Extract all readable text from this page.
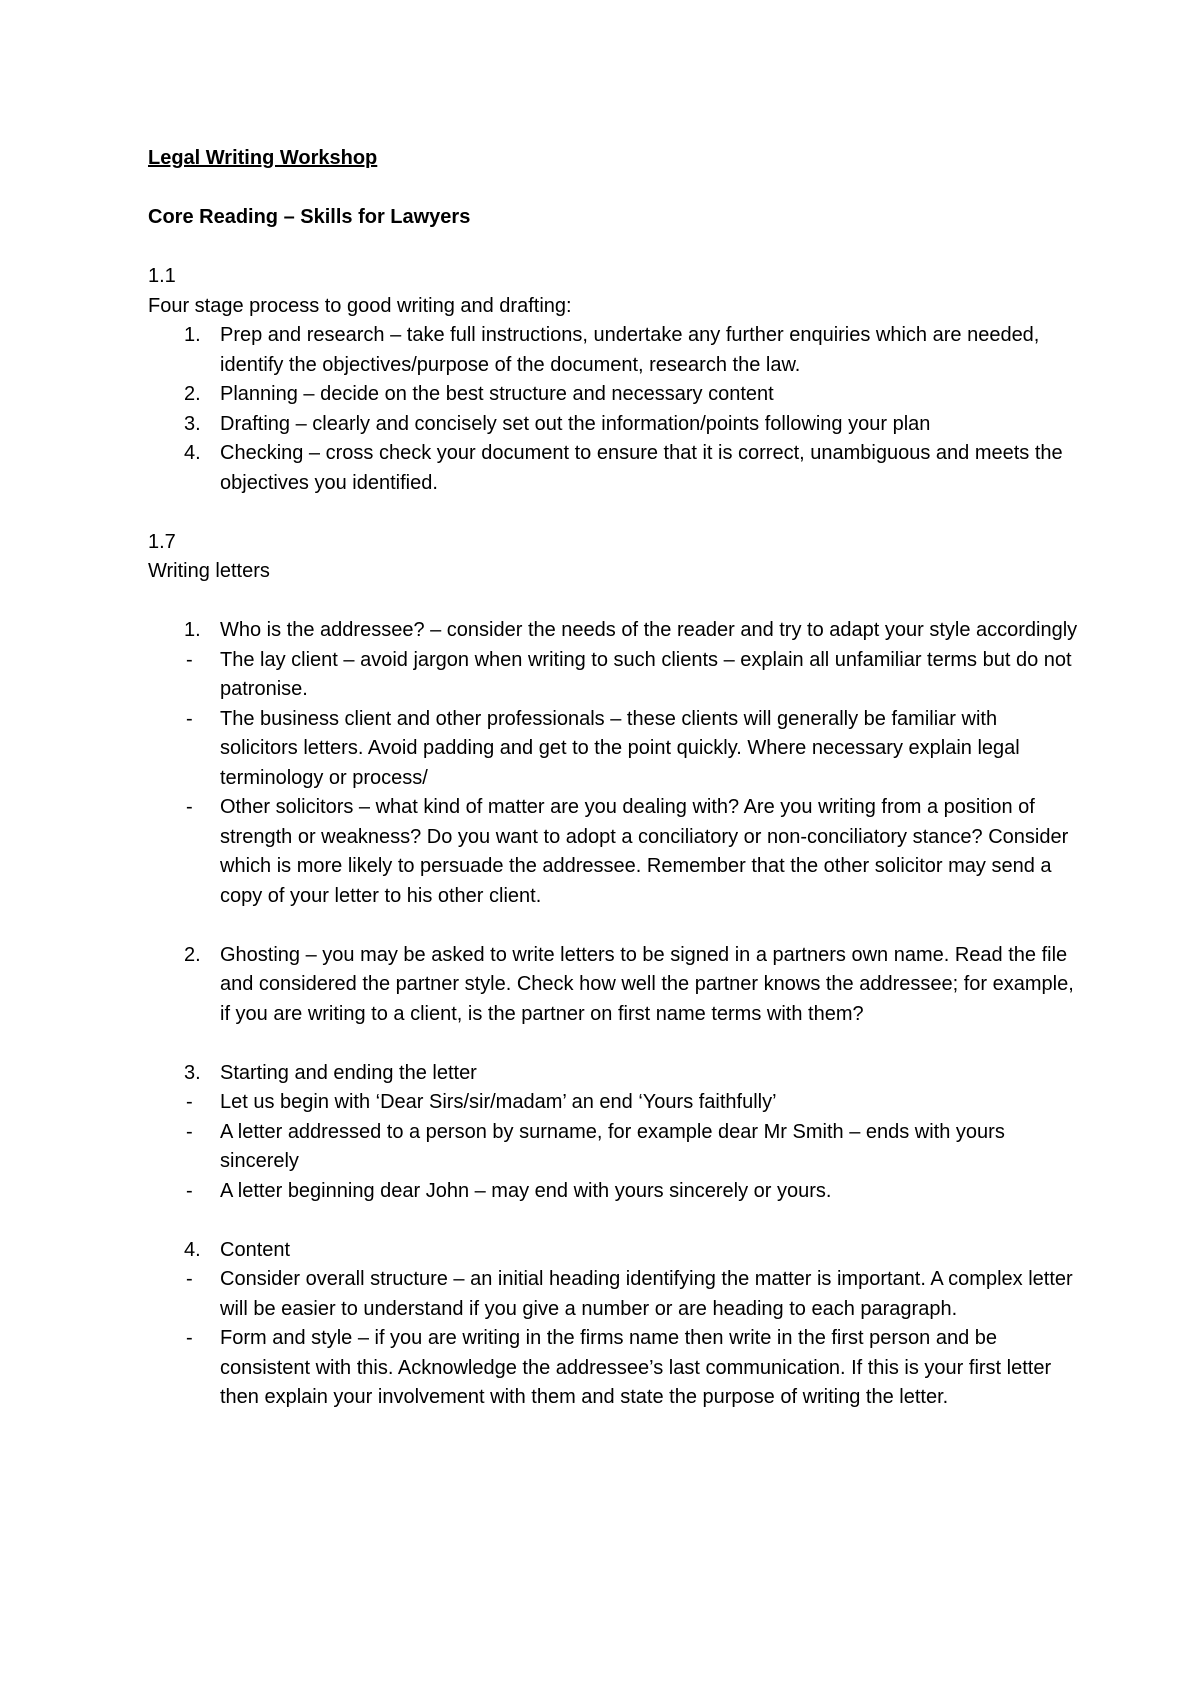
Legal Writing Workshop

Core Reading – Skills for Lawyers

1.1

Four stage process to good writing and drafting:

1. Prep and research – take full instructions, undertake any further enquiries which are needed, identify the objectives/purpose of the document, research the law.
2. Planning – decide on the best structure and necessary content
3. Drafting – clearly and concisely set out the information/points following your plan
4. Checking – cross check your document to ensure that it is correct, unambiguous and meets the objectives you identified.

1.7

Writing letters

1. Who is the addressee? – consider the needs of the reader and try to adapt your style accordingly
- The lay client – avoid jargon when writing to such clients – explain all unfamiliar terms but do not patronise.
- The business client and other professionals – these clients will generally be familiar with solicitors letters. Avoid padding and get to the point quickly. Where necessary explain legal terminology or process/
- Other solicitors – what kind of matter are you dealing with? Are you writing from a position of strength or weakness? Do you want to adopt a conciliatory or non-conciliatory stance? Consider which is more likely to persuade the addressee. Remember that the other solicitor may send a copy of your letter to his other client.
2. Ghosting – you may be asked to write letters to be signed in a partners own name. Read the file and considered the partner style. Check how well the partner knows the addressee; for example, if you are writing to a client, is the partner on first name terms with them?
3. Starting and ending the letter
- Let us begin with ‘Dear Sirs/sir/madam’ an end ‘Yours faithfully’
- A letter addressed to a person by surname, for example dear Mr Smith – ends with yours sincerely
- A letter beginning dear John – may end with yours sincerely or yours.
4. Content
- Consider overall structure – an initial heading identifying the matter is important. A complex letter will be easier to understand if you give a number or are heading to each paragraph.
- Form and style – if you are writing in the firms name then write in the first person and be consistent with this. Acknowledge the addressee’s last communication. If this is your first letter then explain your involvement with them and state the purpose of writing the letter.
